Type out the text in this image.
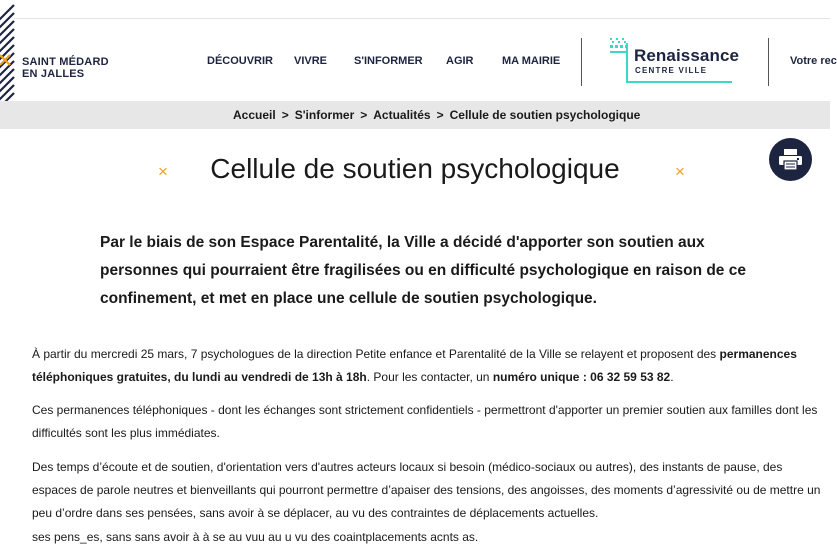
SAINT MÉDARD
EN JALLES
DÉCOUVRIR VIVRE S'INFORMER AGIR	MA MAIRIE	Renaissance
CENTRE VILLE
Votre rec
Accueil > S'informer > Actualités > Cellule de soutien psychologique
×	Cellule de soutien psychologique	×

Par le biais de son Espace Parentalité, la Ville a décidé d'apporter son soutien aux personnes qui pourraient être fragilisées ou en difficulté psychologique en raison de ce confinement, et met en place une cellule de soutien psychologique.

À partir du mercredi 25 mars, 7 psychologues de la direction Petite enfance et Parentalité de la Ville se relayent et proposent des permanences téléphoniques gratuites, du lundi au vendredi de 13h à 18h. Pour les contacter, un numéro unique : 06 32 59 53 82.

Ces permanences téléphoniques - dont les échanges sont strictement confidentiels - permettront d'apporter un premier soutien aux familles dont les difficultés sont les plus immédiates.

Des temps d’écoute et de soutien, d'orientation vers d'autres acteurs locaux si besoin (médico-sociaux ou autres), des instants de pause, des espaces de parole neutres et bienveillants qui pourront permettre d’apaiser des tensions, des angoisses, des moments d’agressivité ou de mettre un peu d’ordre dans ses pensées, sans avoir à se déplacer, au vu des contraintes de déplacements actuelles.

ses pens_es, sans sans avoir à à se au vuu au u vu des coaintplacements acnts as.
